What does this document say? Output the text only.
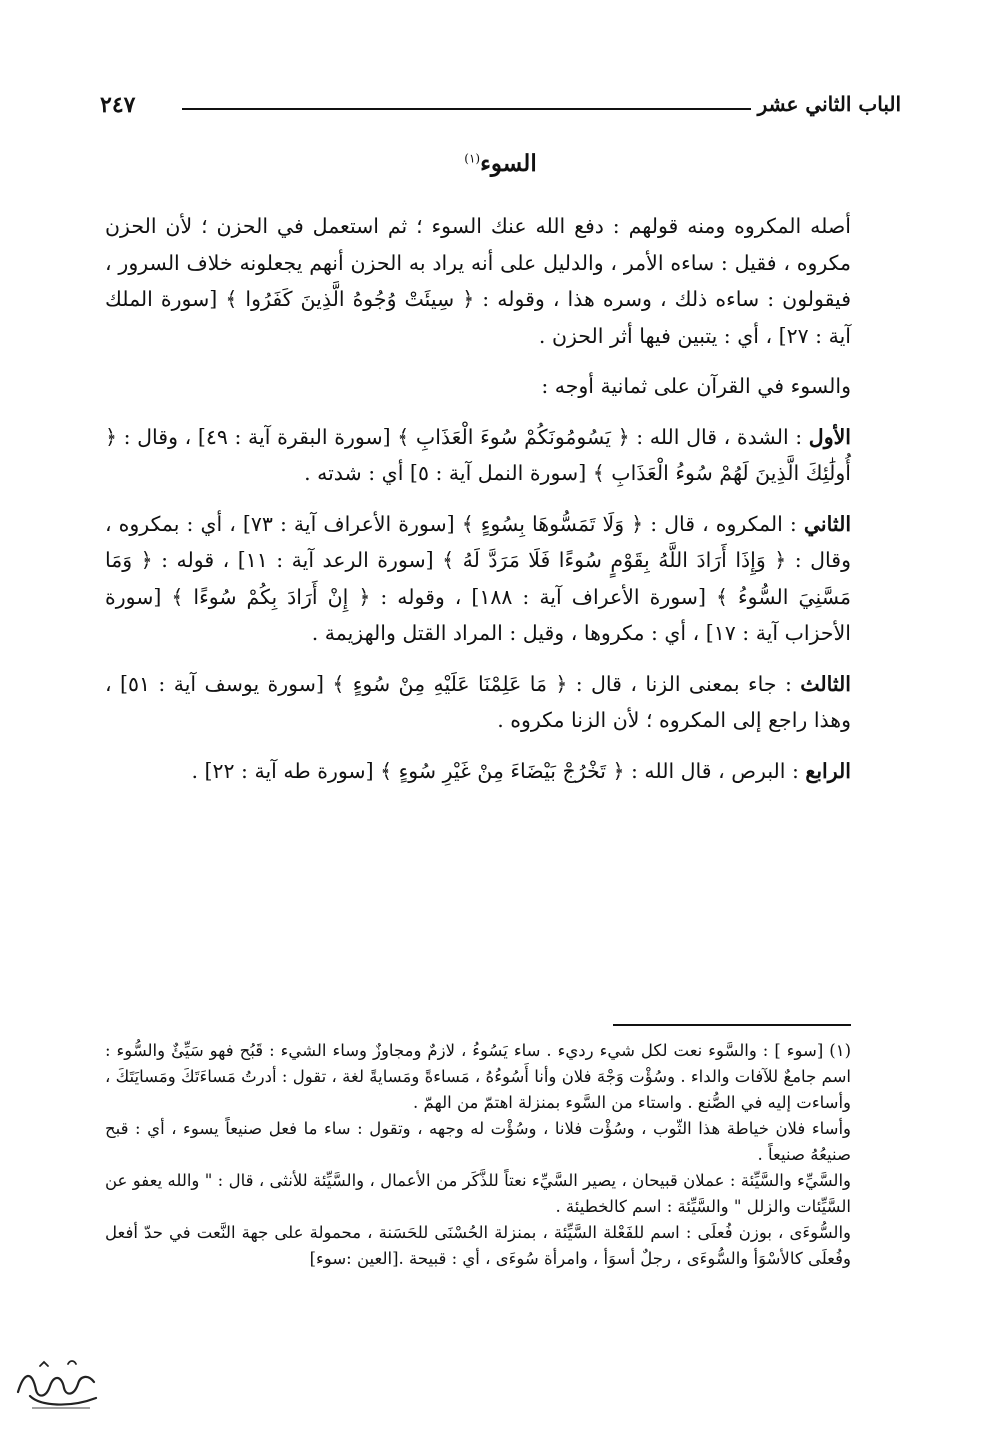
الباب الثاني عشر
٢٤٧
السوء$^{(١)}$

أصله المكروه ومنه قولهم : دفع الله عنك السوء ؛ ثم استعمل في الحزن ؛ لأن الحزن مكروه ، فقيل : ساءه الأمر ، والدليل على أنه يراد به الحزن أنهم يجعلونه خلاف السرور ، فيقولون : ساءه ذلك ، وسره هذا ، وقوله : ﴿ سِيئَتْ وُجُوهُ الَّذِينَ كَفَرُوا ﴾ [سورة الملك آية : ٢٧] ، أي : يتبين فيها أثر الحزن .

والسوء في القرآن على ثمانية أوجه :

الأول : الشدة ، قال الله : ﴿ يَسُومُونَكُمْ سُوءَ الْعَذَابِ ﴾ [سورة البقرة آية : ٤٩] ، وقال : ﴿ أُولَٰئِكَ الَّذِينَ لَهُمْ سُوءُ الْعَذَابِ ﴾ [سورة النمل آية : ٥] أي : شدته .

الثاني : المكروه ، قال : ﴿ وَلَا تَمَسُّوهَا بِسُوءٍ ﴾ [سورة الأعراف آية : ٧٣] ، أي : بمكروه ، وقال : ﴿ وَإِذَا أَرَادَ اللَّهُ بِقَوْمٍ سُوءًا فَلَا مَرَدَّ لَهُ ﴾ [سورة الرعد آية : ١١] ، قوله : ﴿ وَمَا مَسَّنِيَ السُّوءُ ﴾ [سورة الأعراف آية : ١٨٨] ، وقوله : ﴿ إِنْ أَرَادَ بِكُمْ سُوءًا ﴾ [سورة الأحزاب آية : ١٧] ، أي : مكروها ، وقيل : المراد القتل والهزيمة .

الثالث : جاء بمعنى الزنا ، قال : ﴿ مَا عَلِمْنَا عَلَيْهِ مِنْ سُوءٍ ﴾ [سورة يوسف آية : ٥١] ، وهذا راجع إلى المكروه ؛ لأن الزنا مكروه .

الرابع : البرص ، قال الله : ﴿ تَخْرُجْ بَيْضَاءَ مِنْ غَيْرِ سُوءٍ ﴾ [سورة طه آية : ٢٢] .

(١) [سوء ] : والسَّوء نعت لكل شيء رديء . ساء يَسُوءُ ، لازمٌ ومجاوزٌ وساء الشيء : قَبُح فهو سَيِّئٌ والسُّوء : اسم جامعٌ للآفات والداء . وسُؤْت وَجْهَ فلان وأنا أَسُوءُهُ ، مَساءةً ومَسايةً لغة ، تقول : أدرتُ مَساءَتَكَ ومَسايَتَكَ ، وأساءت إليه في الصُّنع . واستاء من السَّوء بمنزلة اهتمّ من الهمّ .

وأساء فلان خياطة هذا الثّوب ، وسُؤْت فلانا ، وسُؤْت له وجهه ، وتقول : ساء ما فعل صنيعاً يسوء ، أي : قبح صنيعُهُ صنيعاً .

والسَّيِّء والسَّيِّئة : عملان قبيحان ، يصير السَّيِّء نعتاً للذَّكَر من الأعمال ، والسَّيِّئة للأنثى ، قال : " والله يعفو عن السَّيِّئات والزلل " والسَّيِّئة : اسم كالخطيئة .

والسُّوءَى ، بوزن فُعلَى : اسم للفَعْلة السَّيِّئة ، بمنزلة الحُسْنَى للحَسَنة ، محمولة على جهة النَّعت في حدّ أفعل وفُعلَى كالأسْوَأ والسُّوءَى ، رجلٌ أسوَأ ، وامرأة سُوءَى ، أي : قبيحة .[العين :سوء]
